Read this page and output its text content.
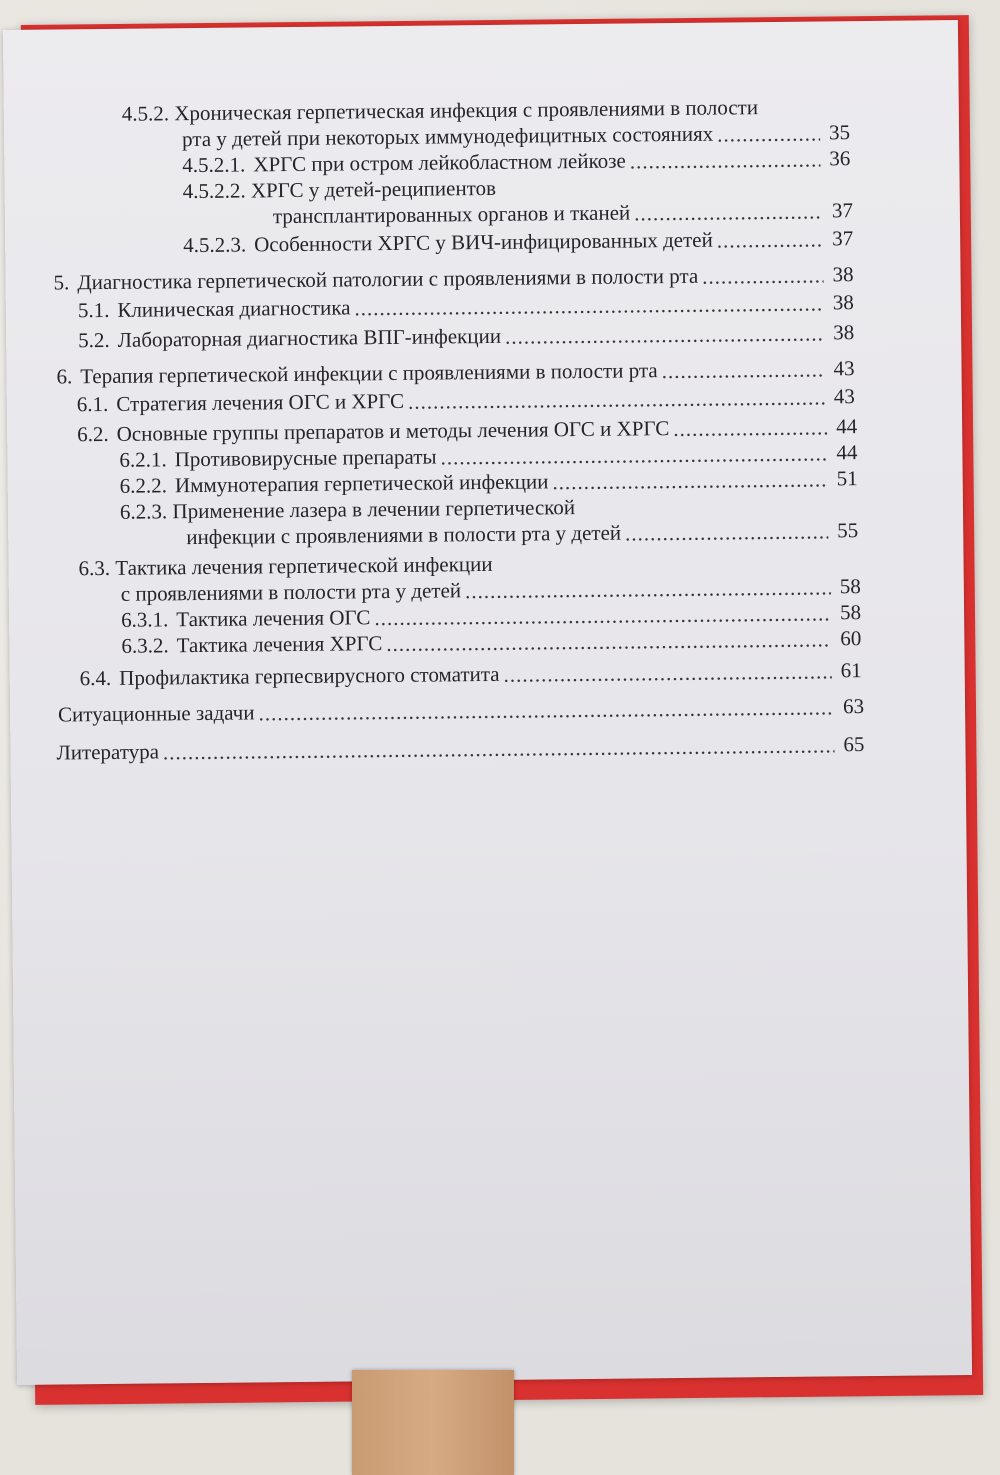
4.5.2. Хроническая герпетическая инфекция с проявлениями в полости
рта у детей при некоторых иммунодефицитных состояниях .....	35
4.5.2.1. ХРГС при остром лейкобластном лейкозе .....	36
4.5.2.2. ХРГС у детей-реципиентов
трансплантированных органов и тканей .....	37
4.5.2.3. Особенности ХРГС у ВИЧ-инфицированных детей .....	37
5. Диагностика герпетической патологии с проявлениями в полости рта .....	38
5.1. Клиническая диагностика .....	38
5.2. Лабораторная диагностика ВПГ-инфекции .....	38
6. Терапия герпетической инфекции с проявлениями в полости рта .....	43
6.1. Стратегия лечения ОГС и ХРГС .....	43
6.2. Основные группы препаратов и методы лечения ОГС и ХРГС .....	44
6.2.1. Противовирусные препараты .....	44
6.2.2. Иммунотерапия герпетической инфекции .....	51
6.2.3. Применение лазера в лечении герпетической
инфекции с проявлениями в полости рта у детей .....	55
6.3. Тактика лечения герпетической инфекции
с проявлениями в полости рта у детей .....	58
6.3.1. Тактика лечения ОГС .....	58
6.3.2. Тактика лечения ХРГС .....	60
6.4. Профилактика герпесвирусного стоматита .....	61
Ситуационные задачи .....	63
Литература .....	65
